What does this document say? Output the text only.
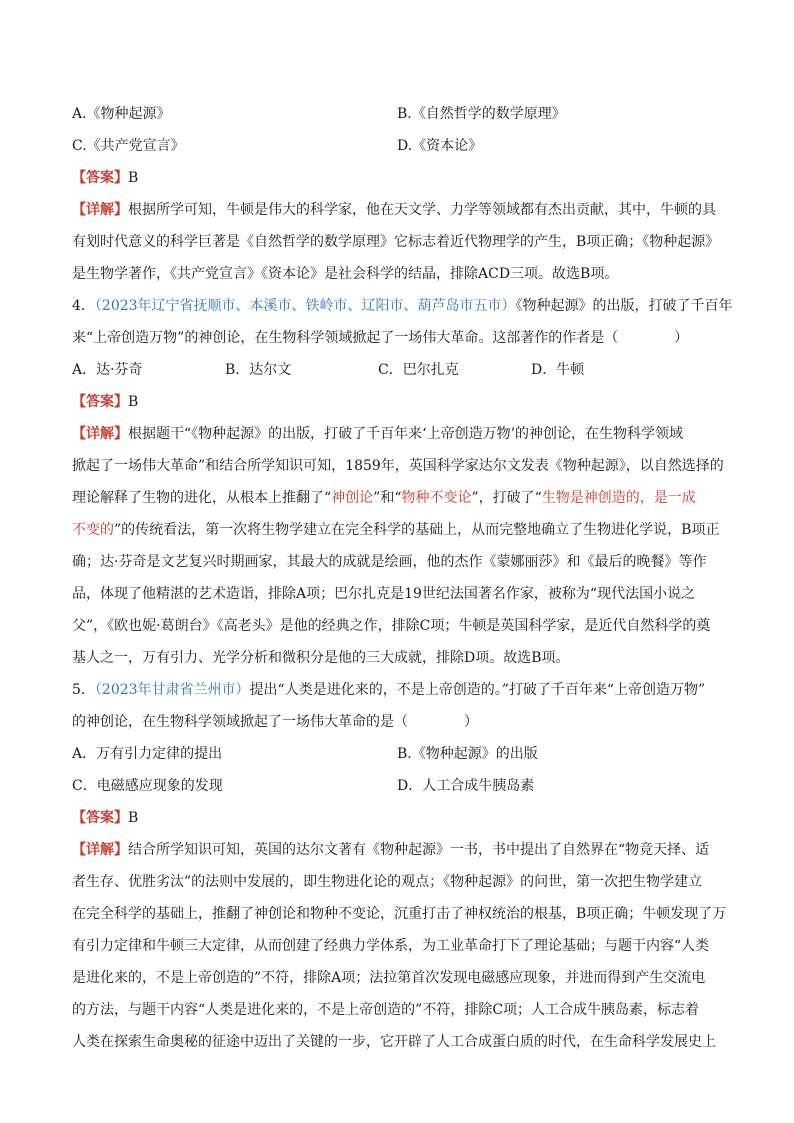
A.《物种起源》	B.《自然哲学的数学原理》
C.《共产党宣言》	D.《资本论》
【答案】B
【详解】根据所学可知，牛顿是伟大的科学家，他在天文学、力学等领域都有杰出贡献，其中，牛顿的具
有划时代意义的科学巨著是《自然哲学的数学原理》它标志着近代物理学的产生，B项正确；《物种起源》
是生物学著作，《共产党宣言》《资本论》是社会科学的结晶，排除ACD三项。故选B项。
4．（2023年辽宁省抚顺市、本溪市、铁岭市、辽阳市、葫芦岛市五市）《物种起源》的出版，打破了千百年
来“上帝创造万物”的神创论，在生物科学领域掀起了一场伟大革命。这部著作的作者是（　　　　）
A．达·芬奇	B．达尔文	C．巴尔扎克	D．牛顿
【答案】B
【详解】根据题干“《物种起源》的出版，打破了千百年来‘上帝创造万物’的神创论，在生物科学领域
掀起了一场伟大革命”和结合所学知识可知，1859年，英国科学家达尔文发表《物种起源》，以自然选择的
理论解释了生物的进化，从根本上推翻了“神创论”和“物种不变论”，打破了“生物是神创造的，是一成
不变的”的传统看法，第一次将生物学建立在完全科学的基础上，从而完整地确立了生物进化学说，B项正
确；达·芬奇是文艺复兴时期画家，其最大的成就是绘画，他的杰作《蒙娜丽莎》和《最后的晚餐》等作
品，体现了他精湛的艺术造诣，排除A项；巴尔扎克是19世纪法国著名作家，被称为“现代法国小说之
父”，《欧也妮·葛朗台》《高老头》是他的经典之作，排除C项；牛顿是英国科学家，是近代自然科学的奠
基人之一，万有引力、光学分析和微积分是他的三大成就，排除D项。故选B项。
5．（2023年甘肃省兰州市）提出“人类是进化来的，不是上帝创造的。”打破了千百年来“上帝创造万物”
的神创论，在生物科学领域掀起了一场伟大革命的是（　　　　）
A．万有引力定律的提出	B.《物种起源》的出版
C．电磁感应现象的发现	D．人工合成牛胰岛素
【答案】B
【详解】结合所学知识可知，英国的达尔文著有《物种起源》一书，书中提出了自然界在“物竞天择、适
者生存、优胜劣汰”的法则中发展的，即生物进化论的观点；《物种起源》的问世，第一次把生物学建立
在完全科学的基础上，推翻了神创论和物种不变论，沉重打击了神权统治的根基，B项正确；牛顿发现了万
有引力定律和牛顿三大定律，从而创建了经典力学体系，为工业革命打下了理论基础；与题干内容“人类
是进化来的，不是上帝创造的”不符，排除A项；法拉第首次发现电磁感应现象，并进而得到产生交流电
的方法，与题干内容“人类是进化来的，不是上帝创造的”不符，排除C项；人工合成牛胰岛素，标志着
人类在探索生命奥秘的征途中迈出了关键的一步，它开辟了人工合成蛋白质的时代，在生命科学发展史上
